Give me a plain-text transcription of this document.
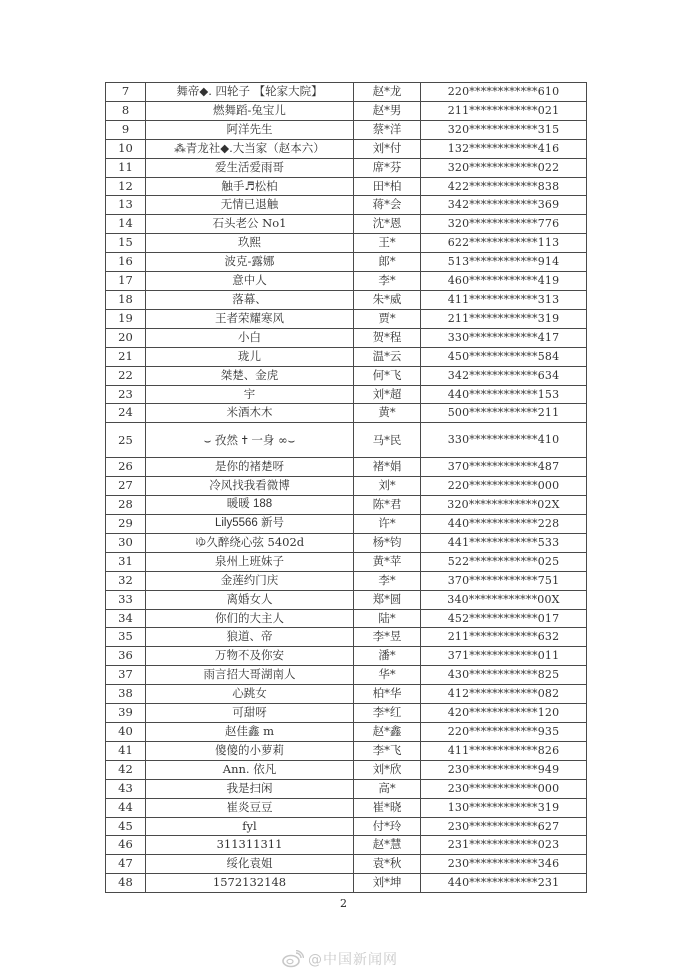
7	舞帝◆. 四轮子 【轮家大院】	赵*龙	220************610
8	燃舞蹈-兔宝儿	赵*男	211************021
9	阿洋先生	蔡*洋	320************315
10	⁂青龙社◆.大当家（赵本六）	刘*付	132************416
11	爱生活爱雨哥	席*芬	320************022
12	触手♬松柏	田*柏	422************838
13	无情已退触	蒋*会	342************369
14	石头老公 No1	沈*恩	320************776
15	玖熙	王*	622************113
16	波克-露娜	郎*	513************914
17	意中人	李*	460************419
18	落幕、	朱*威	411************313
19	王者荣耀寒风	贾*	211************319
20	小白	贺*程	330************417
21	珑儿	温*云	450************584
22	桀楚、金虎	何*飞	342************634
23	宇	刘*超	440************153
24	米酒木木	黄*	500************211
25	⌣ 孜然 ✝ 一身 ∞⌣	马*民	330************410
26	是你的褚楚呀	褚*娟	370************487
27	冷风找我看微博	刘*	220************000
28	暖暖 188	陈*君	320************02X
29	Lily5566 新号	许*	440************228
30	ゆ久醉绕心弦 5402d	杨*钧	441************533
31	泉州上班妹子	黄*苹	522************025
32	金莲约门庆	李*	370************751
33	离婚女人	郑*圆	340************00X
34	你们的大主人	陆*	452************017
35	狼道、帝	李*昱	211************632
36	万物不及你安	潘*	371************011
37	雨言招大哥湖南人	华*	430************825
38	心跳女	柏*华	412************082
39	可甜呀	李*红	420************120
40	赵佳鑫 m	赵*鑫	220************935
41	傻傻的小萝莉	李*飞	411************826
42	Ann. 依凡	刘*欣	230************949
43	我是扫闲	高*	230************000
44	崔炎豆豆	崔*晓	130************319
45	fyl	付*玲	230************627
46	311311311	赵*慧	231************023
47	绥化袁姐	袁*秋	230************346
48	1572132148	刘*坤	440************231
2
@中国新闻网
